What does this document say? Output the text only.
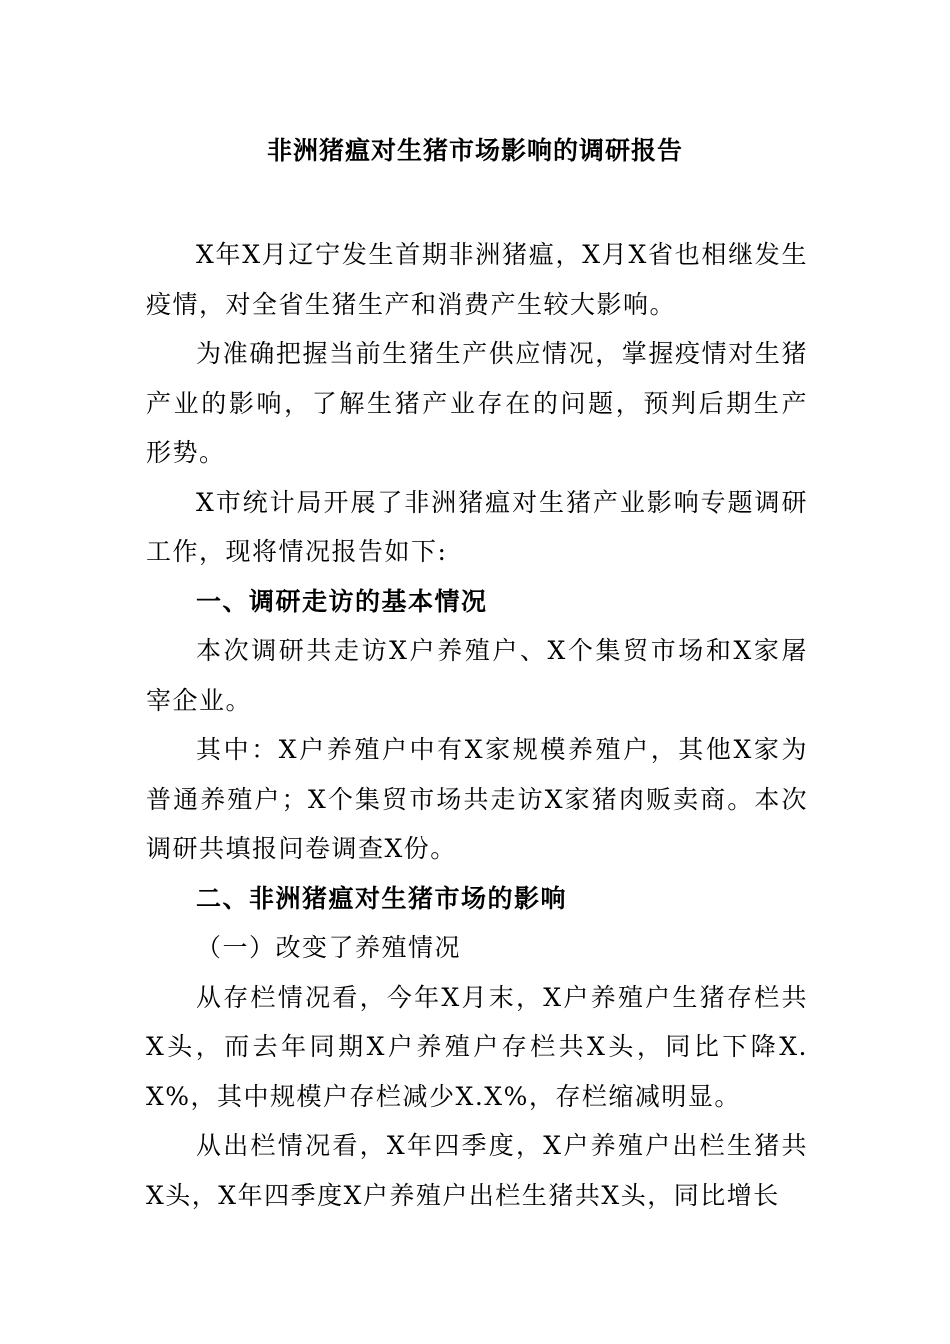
非洲猪瘟对生猪市场影响的调研报告

X年X月辽宁发生首期非洲猪瘟，X月X省也相继发生疫情，对全省生猪生产和消费产生较大影响。

为准确把握当前生猪生产供应情况，掌握疫情对生猪产业的影响，了解生猪产业存在的问题，预判后期生产形势。

X市统计局开展了非洲猪瘟对生猪产业影响专题调研工作，现将情况报告如下:

一、调研走访的基本情况

本次调研共走访X户养殖户、X个集贸市场和X家屠宰企业。

其中：X户养殖户中有X家规模养殖户，其他X家为普通养殖户；X个集贸市场共走访X家猪肉贩卖商。本次调研共填报问卷调查X份。

二、非洲猪瘟对生猪市场的影响

（一）改变了养殖情况

从存栏情况看，今年X月末，X户养殖户生猪存栏共X头，而去年同期X户养殖户存栏共X头，同比下降X.X%，其中规模户存栏减少X.X%，存栏缩减明显。

从出栏情况看，X年四季度，X户养殖户出栏生猪共X头，X年四季度X户养殖户出栏生猪共X头，同比增长
